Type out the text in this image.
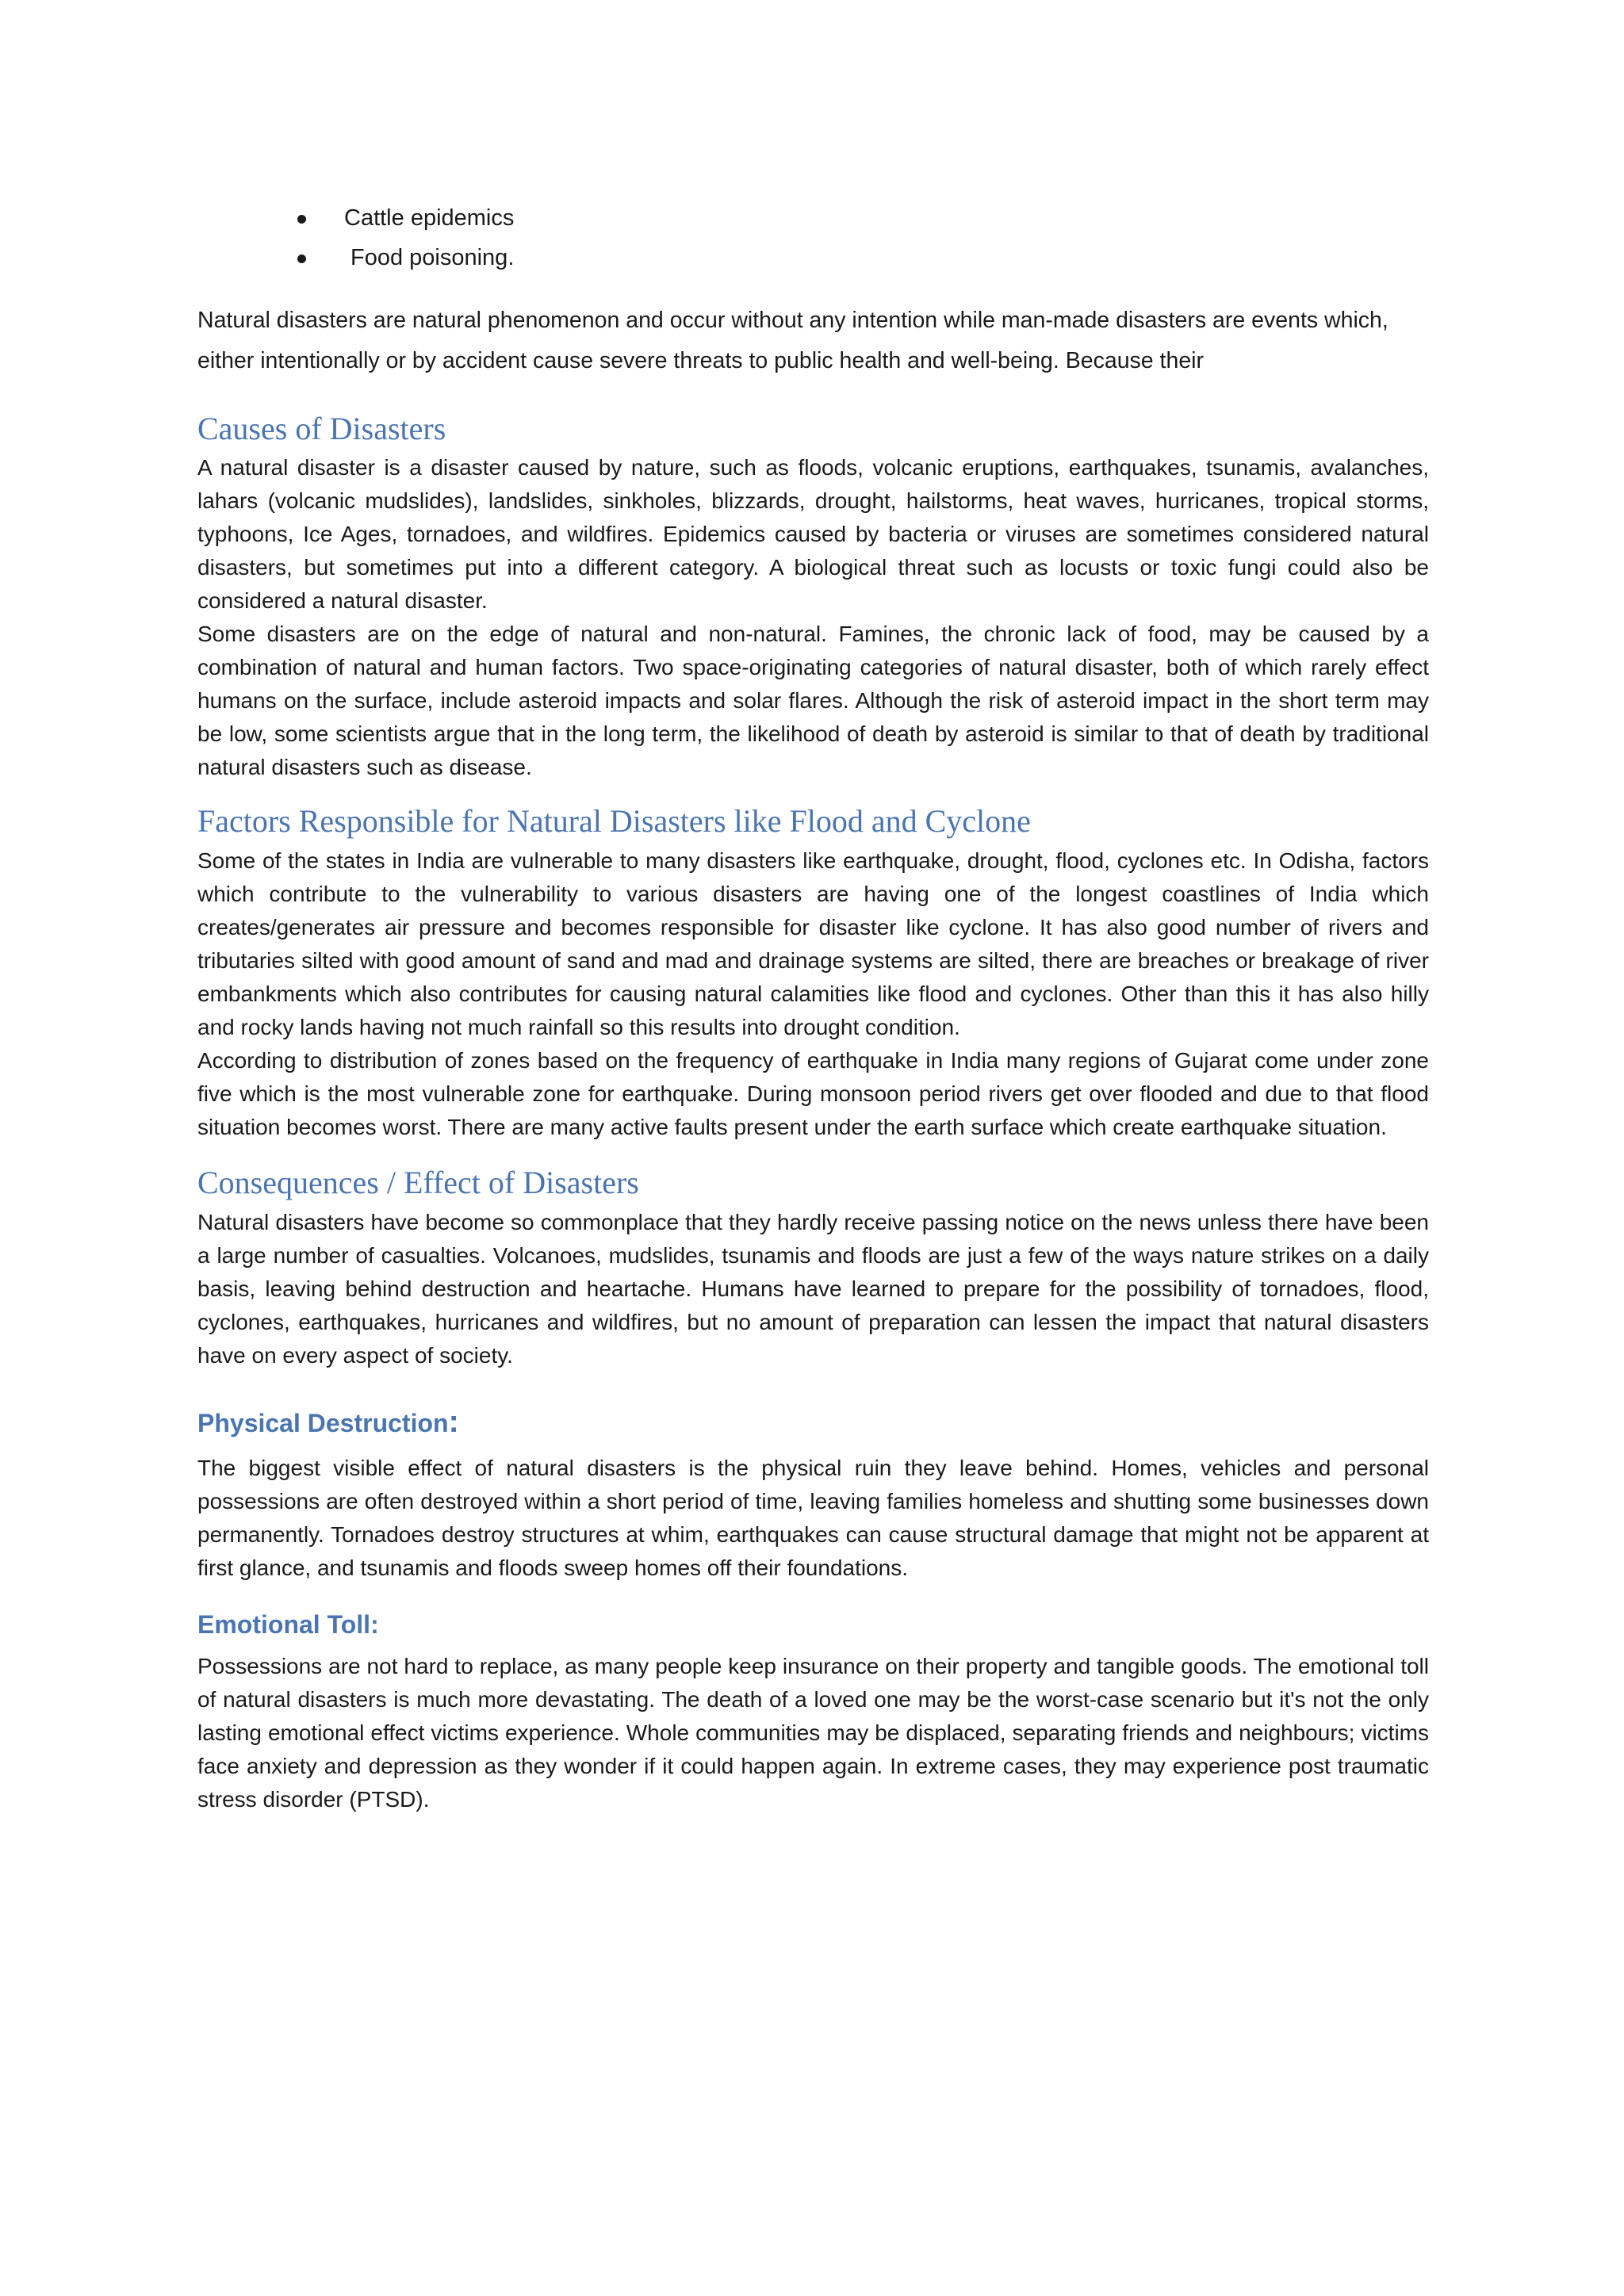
Cattle epidemics
Food poisoning.

Natural disasters are natural phenomenon and occur without any intention while man-made disasters are events which, either intentionally or by accident cause severe threats to public health and well-being. Because their

Causes of Disasters

A natural disaster is a disaster caused by nature, such as floods, volcanic eruptions, earthquakes, tsunamis, avalanches, lahars (volcanic mudslides), landslides, sinkholes, blizzards, drought, hailstorms, heat waves, hurricanes, tropical storms, typhoons, Ice Ages, tornadoes, and wildfires. Epidemics caused by bacteria or viruses are sometimes considered natural disasters, but sometimes put into a different category. A biological threat such as locusts or toxic fungi could also be considered a natural disaster.

Some disasters are on the edge of natural and non-natural. Famines, the chronic lack of food, may be caused by a combination of natural and human factors. Two space-originating categories of natural disaster, both of which rarely effect humans on the surface, include asteroid impacts and solar flares. Although the risk of asteroid impact in the short term may be low, some scientists argue that in the long term, the likelihood of death by asteroid is similar to that of death by traditional natural disasters such as disease.

Factors Responsible for Natural Disasters like Flood and Cyclone

Some of the states in India are vulnerable to many disasters like earthquake, drought, flood, cyclones etc. In Odisha, factors which contribute to the vulnerability to various disasters are having one of the longest coastlines of India which creates/generates air pressure and becomes responsible for disaster like cyclone. It has also good number of rivers and tributaries silted with good amount of sand and mad and drainage systems are silted, there are breaches or breakage of river embankments which also contributes for causing natural calamities like flood and cyclones. Other than this it has also hilly and rocky lands having not much rainfall so this results into drought condition.

According to distribution of zones based on the frequency of earthquake in India many regions of Gujarat come under zone five which is the most vulnerable zone for earthquake. During monsoon period rivers get over flooded and due to that flood situation becomes worst. There are many active faults present under the earth surface which create earthquake situation.

Consequences / Effect of Disasters

Natural disasters have become so commonplace that they hardly receive passing notice on the news unless there have been a large number of casualties. Volcanoes, mudslides, tsunamis and floods are just a few of the ways nature strikes on a daily basis, leaving behind destruction and heartache. Humans have learned to prepare for the possibility of tornadoes, flood, cyclones, earthquakes, hurricanes and wildfires, but no amount of preparation can lessen the impact that natural disasters have on every aspect of society.

Physical Destruction:

The biggest visible effect of natural disasters is the physical ruin they leave behind. Homes, vehicles and personal possessions are often destroyed within a short period of time, leaving families homeless and shutting some businesses down permanently. Tornadoes destroy structures at whim, earthquakes can cause structural damage that might not be apparent at first glance, and tsunamis and floods sweep homes off their foundations.

Emotional Toll:

Possessions are not hard to replace, as many people keep insurance on their property and tangible goods. The emotional toll of natural disasters is much more devastating. The death of a loved one may be the worst-case scenario but it's not the only lasting emotional effect victims experience. Whole communities may be displaced, separating friends and neighbours; victims face anxiety and depression as they wonder if it could happen again. In extreme cases, they may experience post traumatic stress disorder (PTSD).
